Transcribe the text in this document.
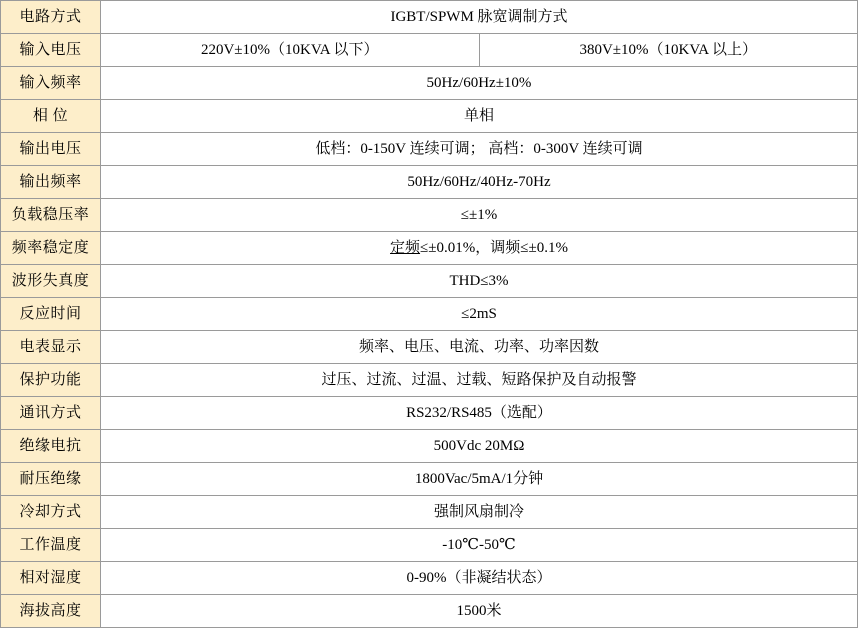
电路方式	IGBT/SPWM 脉宽调制方式	
输入电压	220V±10%（10KVA 以下）	380V±10%（10KVA 以上）
输入频率	50Hz/60Hz±10%	
相 位	单相	
输出电压	低档：0-150V 连续可调； 高档：0-300V 连续可调	
输出频率	50Hz/60Hz/40Hz-70Hz	
负载稳压率	≤±1%	
频率稳定度	定频≤±0.01%，调频≤±0.1%	
波形失真度	THD≤3%	
反应时间	≤2mS	
电表显示	频率、电压、电流、功率、功率因数	
保护功能	过压、过流、过温、过载、短路保护及自动报警	
通讯方式	RS232/RS485（选配）	
绝缘电抗	500Vdc 20MΩ	
耐压绝缘	1800Vac/5mA/1分钟	
冷却方式	强制风扇制冷	
工作温度	-10℃-50℃	
相对湿度	0-90%（非凝结状态）	
海拔高度	1500米	
